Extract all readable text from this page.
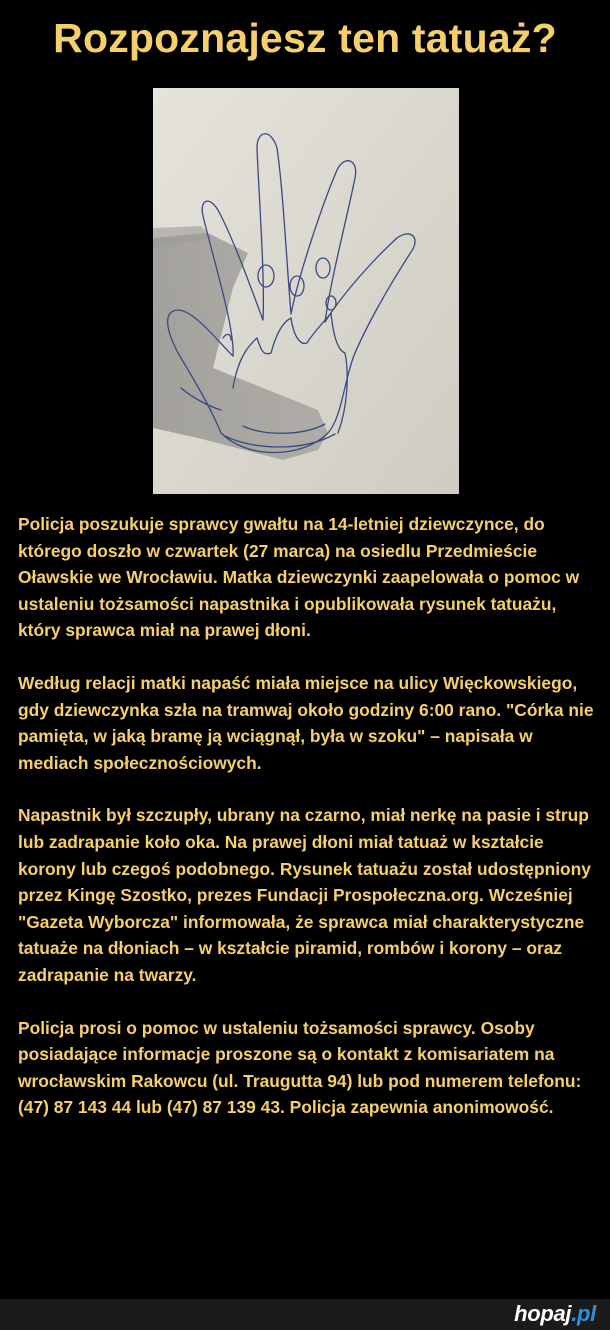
Rozpoznajesz ten tatuaż?

Policja poszukuje sprawcy gwałtu na 14-letniej dziewczynce, do którego doszło w czwartek (27 marca) na osiedlu Przedmieście Oławskie we Wrocławiu. Matka dziewczynki zaapelowała o pomoc w ustaleniu tożsamości napastnika i opublikowała rysunek tatuażu, który sprawca miał na prawej dłoni.

Według relacji matki napaść miała miejsce na ulicy Więckowskiego, gdy dziewczynka szła na tramwaj około godziny 6:00 rano. "Córka nie pamięta, w jaką bramę ją wciągnął, była w szoku" – napisała w mediach społecznościowych.

Napastnik był szczupły, ubrany na czarno, miał nerkę na pasie i strup lub zadrapanie koło oka. Na prawej dłoni miał tatuaż w kształcie korony lub czegoś podobnego. Rysunek tatuażu został udostępniony przez Kingę Szostko, prezes Fundacji Prospołeczna.org. Wcześniej "Gazeta Wyborcza" informowała, że sprawca miał charakterystyczne tatuaże na dłoniach – w kształcie piramid, rombów i korony – oraz zadrapanie na twarzy.

Policja prosi o pomoc w ustaleniu tożsamości sprawcy. Osoby posiadające informacje proszone są o kontakt z komisariatem na wrocławskim Rakowcu (ul. Traugutta 94) lub pod numerem telefonu: (47) 87 143 44 lub (47) 87 139 43. Policja zapewnia anonimowość.

hopaj.pl
